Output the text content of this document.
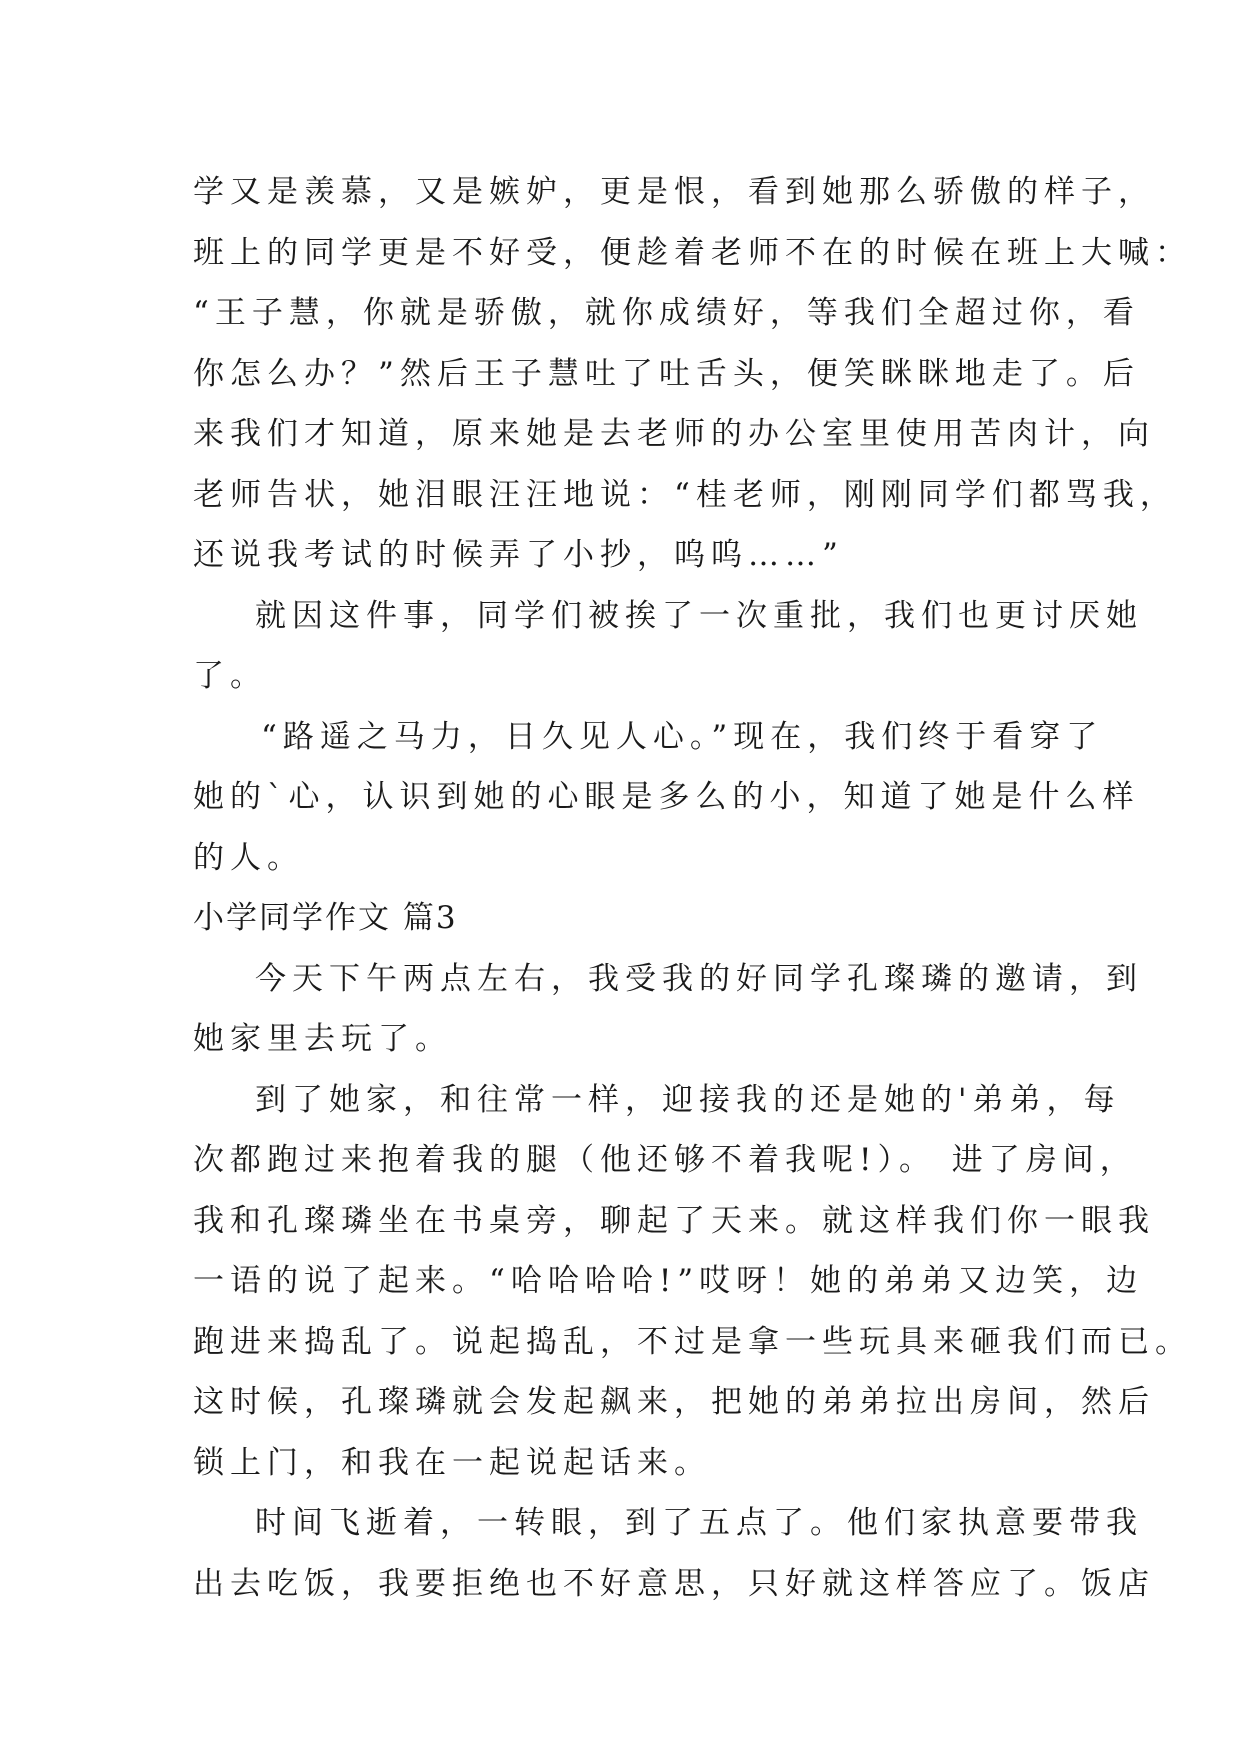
学又是羡慕，又是嫉妒，更是恨，看到她那么骄傲的样子，
班上的同学更是不好受，便趁着老师不在的时候在班上大喊：
“王子慧，你就是骄傲，就你成绩好，等我们全超过你，看
你怎么办？”然后王子慧吐了吐舌头，便笑眯眯地走了。后
来我们才知道，原来她是去老师的办公室里使用苦肉计，向
老师告状，她泪眼汪汪地说：“桂老师，刚刚同学们都骂我，
还说我考试的时候弄了小抄，呜呜……”
就因这件事，同学们被挨了一次重批，我们也更讨厌她
了。
“路遥之马力，日久见人心。”现在，我们终于看穿了
她的`心，认识到她的心眼是多么的小，知道了她是什么样
的人。
小学同学作文 篇3
今天下午两点左右，我受我的好同学孔璨璘的邀请，到
她家里去玩了。
到了她家，和往常一样，迎接我的还是她的'弟弟，每
次都跑过来抱着我的腿（他还够不着我呢!）。 进了房间，
我和孔璨璘坐在书桌旁，聊起了天来。就这样我们你一眼我
一语的说了起来。“哈哈哈哈!”哎呀！她的弟弟又边笑，边
跑进来捣乱了。说起捣乱，不过是拿一些玩具来砸我们而已。
这时候，孔璨璘就会发起飙来，把她的弟弟拉出房间，然后
锁上门，和我在一起说起话来。
时间飞逝着，一转眼，到了五点了。他们家执意要带我
出去吃饭，我要拒绝也不好意思，只好就这样答应了。饭店
